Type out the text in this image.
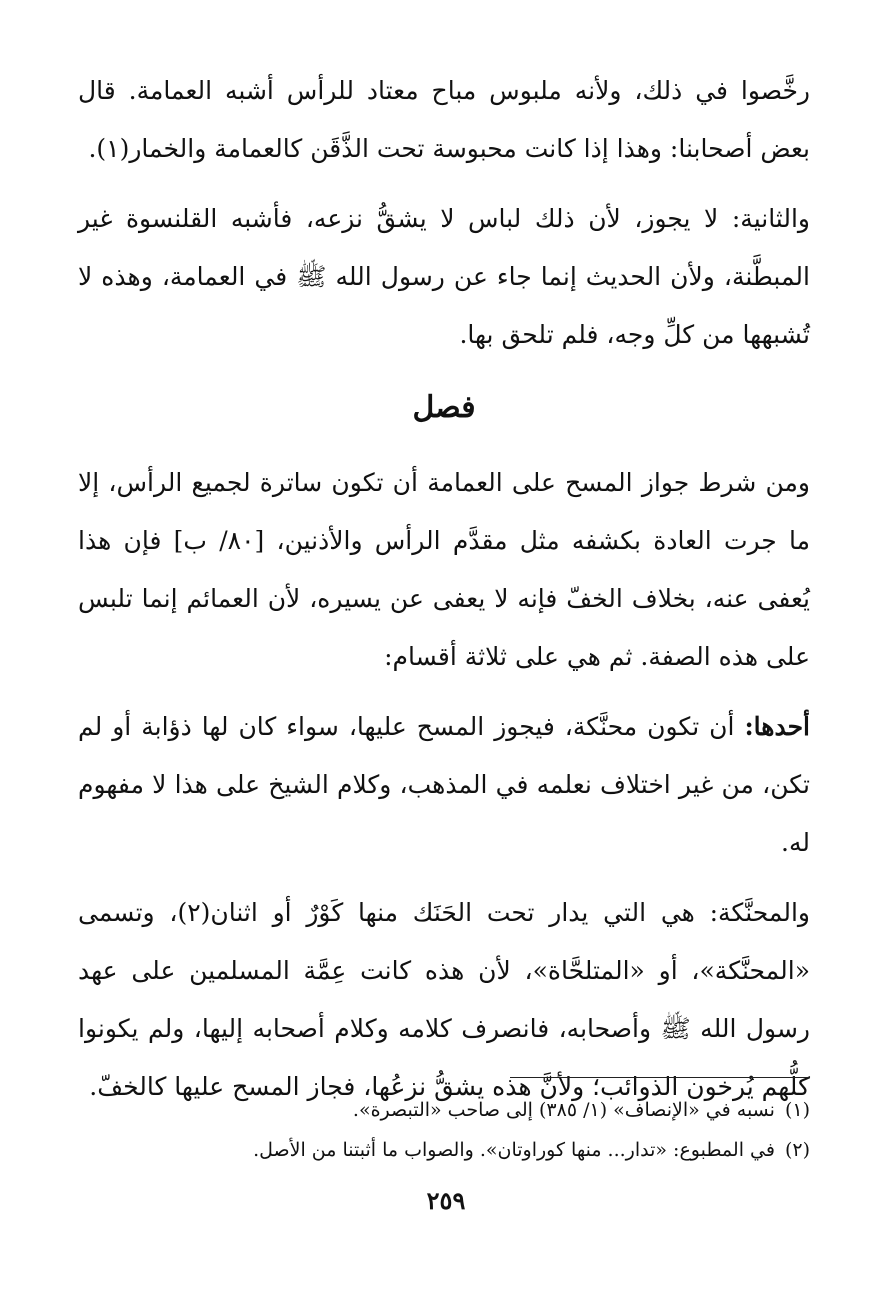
رخَّصوا في ذلك، ولأنه ملبوس مباح معتاد للرأس أشبه العمامة. قال بعض أصحابنا: وهذا إذا كانت محبوسة تحت الذَّقَن كالعمامة والخمار(١).

والثانية: لا يجوز، لأن ذلك لباس لا يشقُّ نزعه، فأشبه القلنسوة غير المبطَّنة، ولأن الحديث إنما جاء عن رسول الله ﷺ في العمامة، وهذه لا تُشبهها من كلِّ وجه، فلم تلحق بها.

فصل

ومن شرط جواز المسح على العمامة أن تكون ساترة لجميع الرأس، إلا ما جرت العادة بكشفه مثل مقدَّم الرأس والأذنين، [٨٠/ ب] فإن هذا يُعفى عنه، بخلاف الخفّ فإنه لا يعفى عن يسيره، لأن العمائم إنما تلبس على هذه الصفة. ثم هي على ثلاثة أقسام:

أحدها: أن تكون محنَّكة، فيجوز المسح عليها، سواء كان لها ذؤابة أو لم تكن، من غير اختلاف نعلمه في المذهب، وكلام الشيخ على هذا لا مفهوم له.

والمحنَّكة: هي التي يدار تحت الحَنَك منها كَوْرٌ أو اثنان(٢)، وتسمى «المحنَّكة»، أو «المتلحَّاة»، لأن هذه كانت عِمَّة المسلمين على عهد رسول الله ﷺ وأصحابه، فانصرف كلامه وكلام أصحابه إليها، ولم يكونوا كلُّهم يُرخون الذوائب؛ ولأنَّ هذه يشقُّ نزعُها، فجاز المسح عليها كالخفّ.

(١)نسبه في «الإنصاف» (١/ ٣٨٥) إلى صاحب «التبصرة».

(٢)في المطبوع: «تدار... منها كوراوتان». والصواب ما أثبتنا من الأصل.

٢٥٩
